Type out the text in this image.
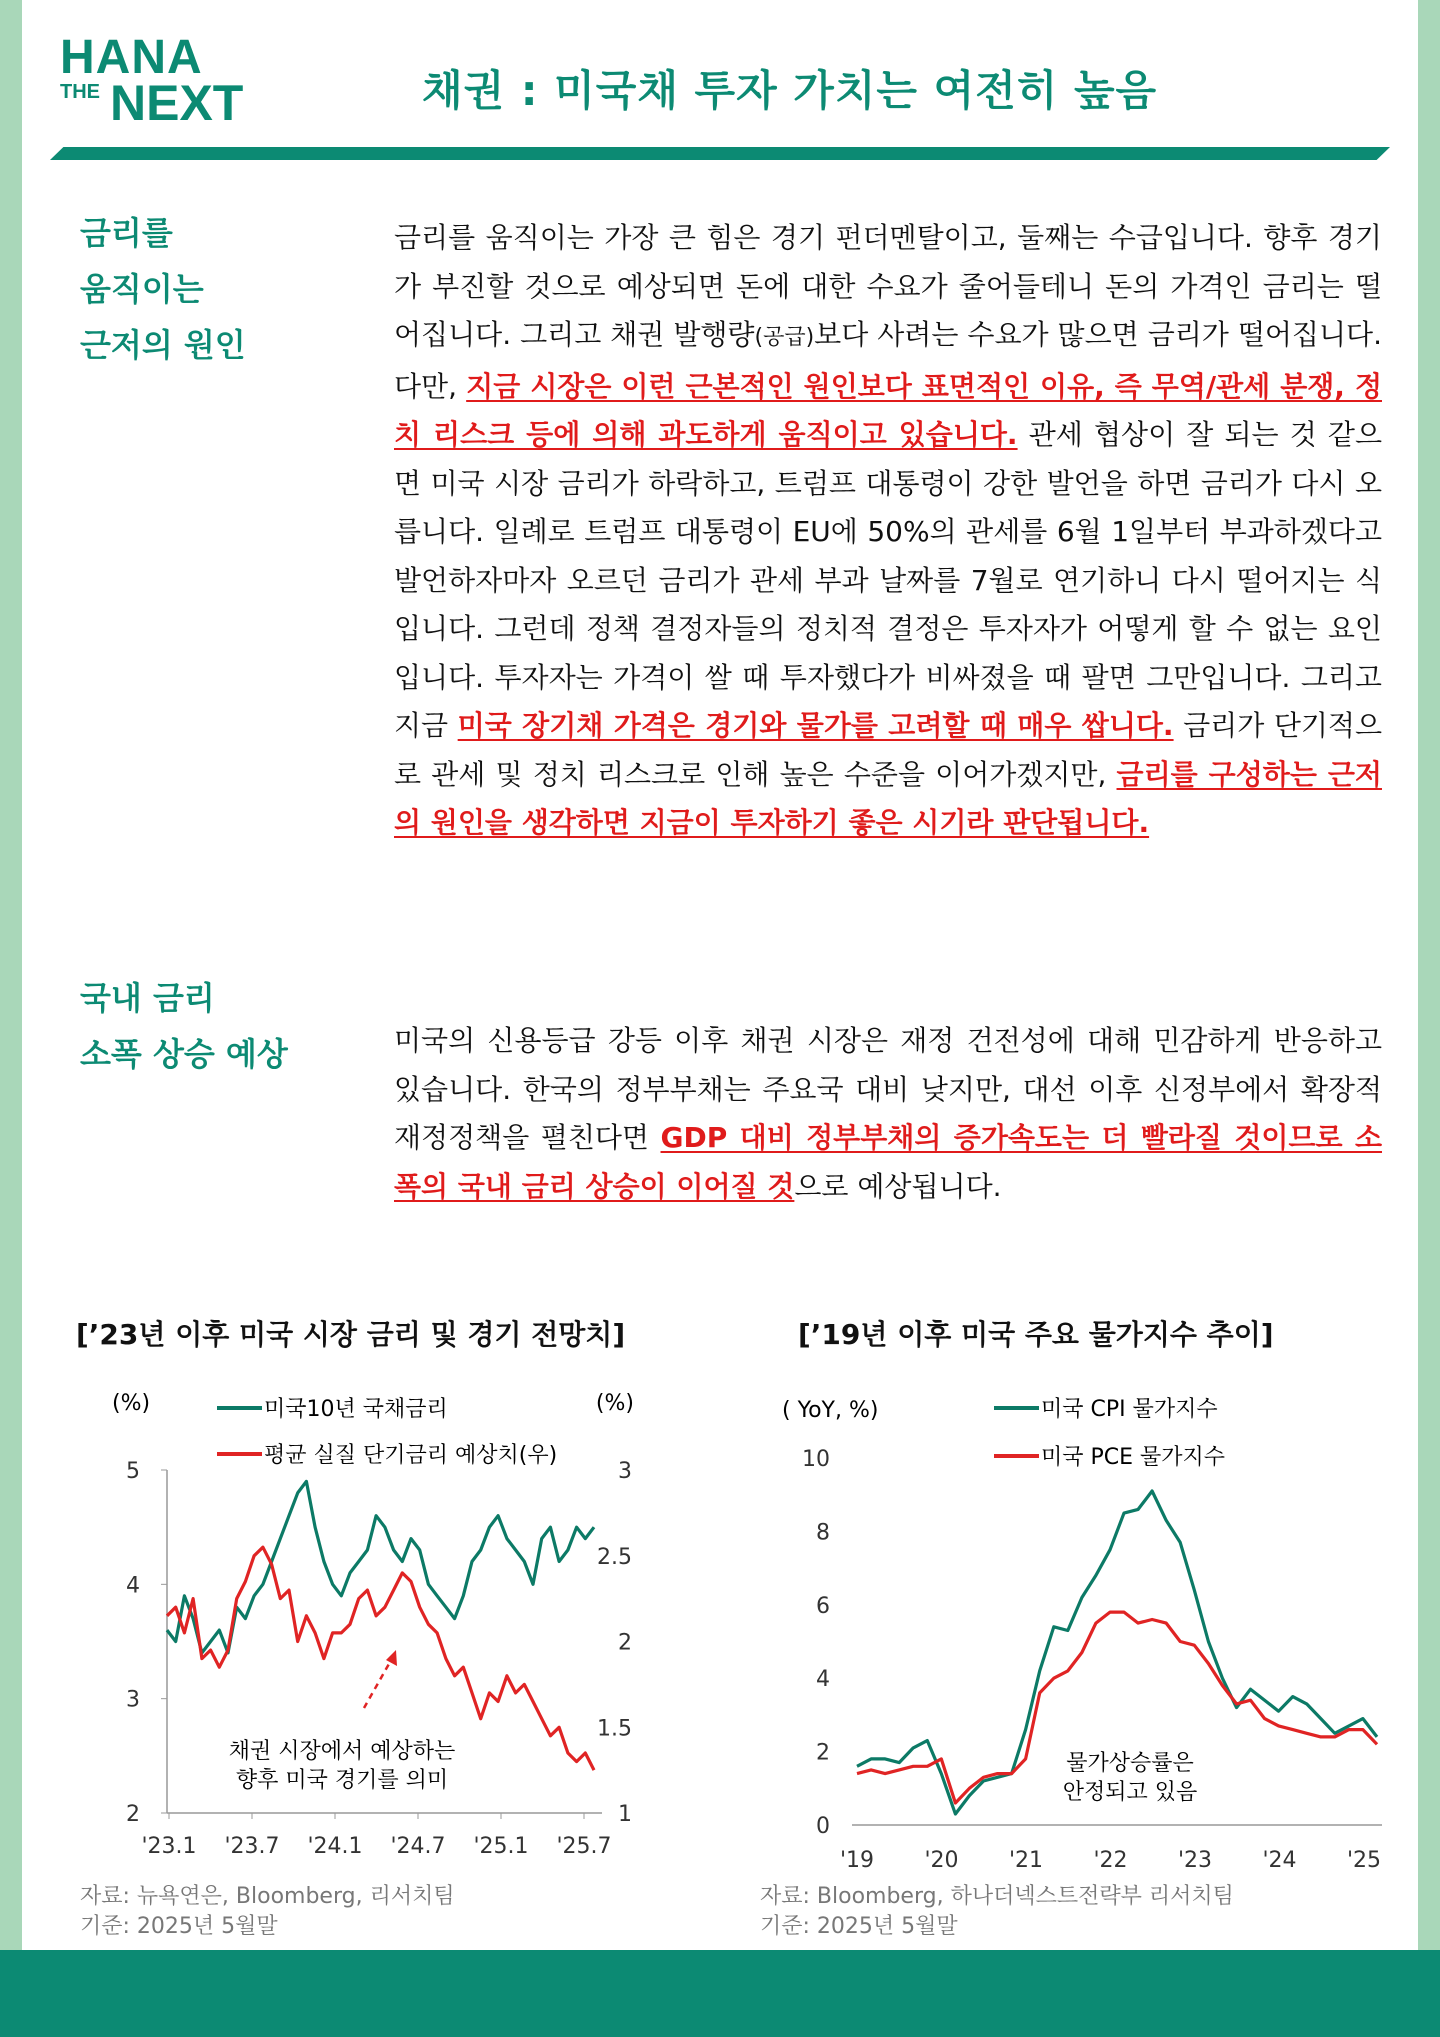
HANA
THE NEXT	채권 : 미국채 투자 가치는 여전히 높음
금리를
움직이는
근저의 원인
금리를 움직이는 가장 큰 힘은 경기 펀더멘탈이고, 둘째는 수급입니다. 향후 경기가 부진할 것으로 예상되면 돈에 대한 수요가 줄어들테니 돈의 가격인 금리는 떨어집니다. 그리고 채권 발행량(공급)보다 사려는 수요가 많으면 금리가 떨어집니다. 다만, 지금 시장은 이런 근본적인 원인보다 표면적인 이유, 즉 무역/관세 분쟁, 정치 리스크 등에 의해 과도하게 움직이고 있습니다. 관세 협상이 잘 되는 것 같으면 미국 시장 금리가 하락하고, 트럼프 대통령이 강한 발언을 하면 금리가 다시 오릅니다. 일례로 트럼프 대통령이 EU에 50%의 관세를 6월 1일부터 부과하겠다고 발언하자마자 오르던 금리가 관세 부과 날짜를 7월로 연기하니 다시 떨어지는 식입니다. 그런데 정책 결정자들의 정치적 결정은 투자자가 어떻게 할 수 없는 요인입니다. 투자자는 가격이 쌀 때 투자했다가 비싸졌을 때 팔면 그만입니다. 그리고 지금 미국 장기채 가격은 경기와 물가를 고려할 때 매우 쌉니다. 금리가 단기적으로 관세 및 정치 리스크로 인해 높은 수준을 이어가겠지만, 금리를 구성하는 근저의 원인을 생각하면 지금이 투자하기 좋은 시기라 판단됩니다.
국내 금리
소폭 상승 예상	미국의 신용등급 강등 이후 채권 시장은 재정 건전성에 대해 민감하게 반응하고 있습니다. 한국의 정부부채는 주요국 대비 낮지만, 대선 이후 신정부에서 확장적 재정정책을 펼친다면 GDP 대비 정부부채의 증가속도는 더 빨라질 것이므로 소폭의 국내 금리 상승이 이어질 것으로 예상됩니다.
[’23년 이후 미국 시장 금리 및 경기 전망치]
(%)	(%)
미국10년 국채금리
평균 실질 단기금리 예상치(우)
5
4
3
2
3
2.5
2
1.5
1
'23.1 '23.7 '24.1 '24.7 '25.1 '25.7
채권 시장에서 예상하는
향후 미국 경기를 의미
자료: 뉴욕연은, Bloomberg, 리서치팀
기준: 2025년 5월말
[’19년 이후 미국 주요 물가지수 추이]
( YoY, %)	미국 CPI 물가지수
미국 PCE 물가지수
10
8
6
4
2
0
'19 '20 '21 '22 '23 '24 '25
물가상승률은
안정되고 있음
자료: Bloomberg, 하나더넥스트전략부 리서치팀
기준: 2025년 5월말
